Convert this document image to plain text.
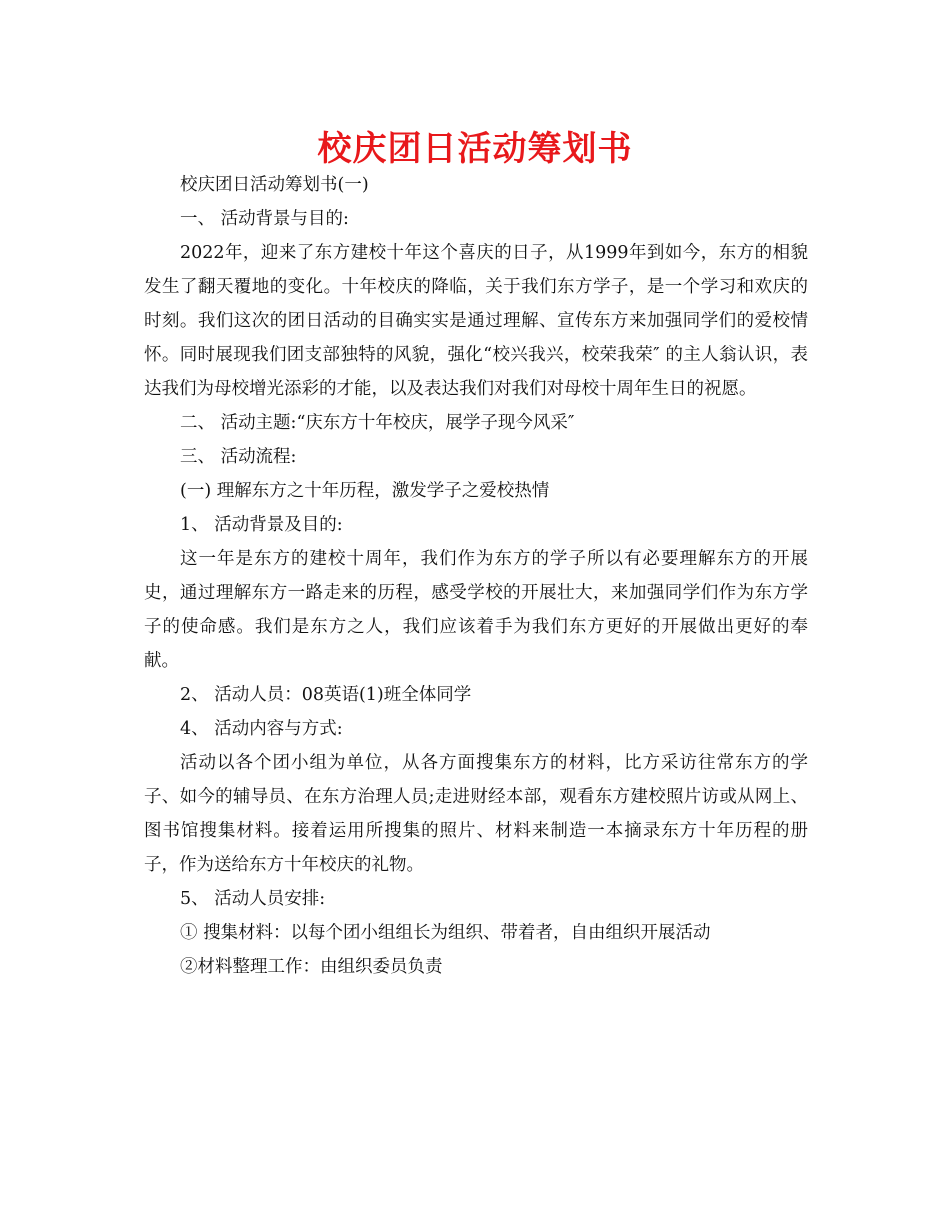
校庆团日活动筹划书

校庆团日活动筹划书(一)

一、 活动背景与目的:

2022年，迎来了东方建校十年这个喜庆的日子，从1999年到如今，东方的相貌发生了翻天覆地的变化。十年校庆的降临，关于我们东方学子，是一个学习和欢庆的时刻。我们这次的团日活动的目确实实是通过理解、宣传东方来加强同学们的爱校情怀。同时展现我们团支部独特的风貌，强化“校兴我兴，校荣我荣″ 的主人翁认识，表达我们为母校增光添彩的才能，以及表达我们对我们对母校十周年生日的祝愿。

二、 活动主题:“庆东方十年校庆，展学子现今风采″

三、 活动流程:

(一) 理解东方之十年历程，激发学子之爱校热情

1、 活动背景及目的:

这一年是东方的建校十周年，我们作为东方的学子所以有必要理解东方的开展史，通过理解东方一路走来的历程，感受学校的开展壮大，来加强同学们作为东方学子的使命感。我们是东方之人，我们应该着手为我们东方更好的开展做出更好的奉献。

2、 活动人员：08英语(1)班全体同学

4、 活动内容与方式:

活动以各个团小组为单位，从各方面搜集东方的材料，比方采访往常东方的学子、如今的辅导员、在东方治理人员;走进财经本部，观看东方建校照片访或从网上、图书馆搜集材料。接着运用所搜集的照片、材料来制造一本摘录东方十年历程的册子，作为送给东方十年校庆的礼物。

5、 活动人员安排:

① 搜集材料：以每个团小组组长为组织、带着者，自由组织开展活动

②材料整理工作：由组织委员负责
